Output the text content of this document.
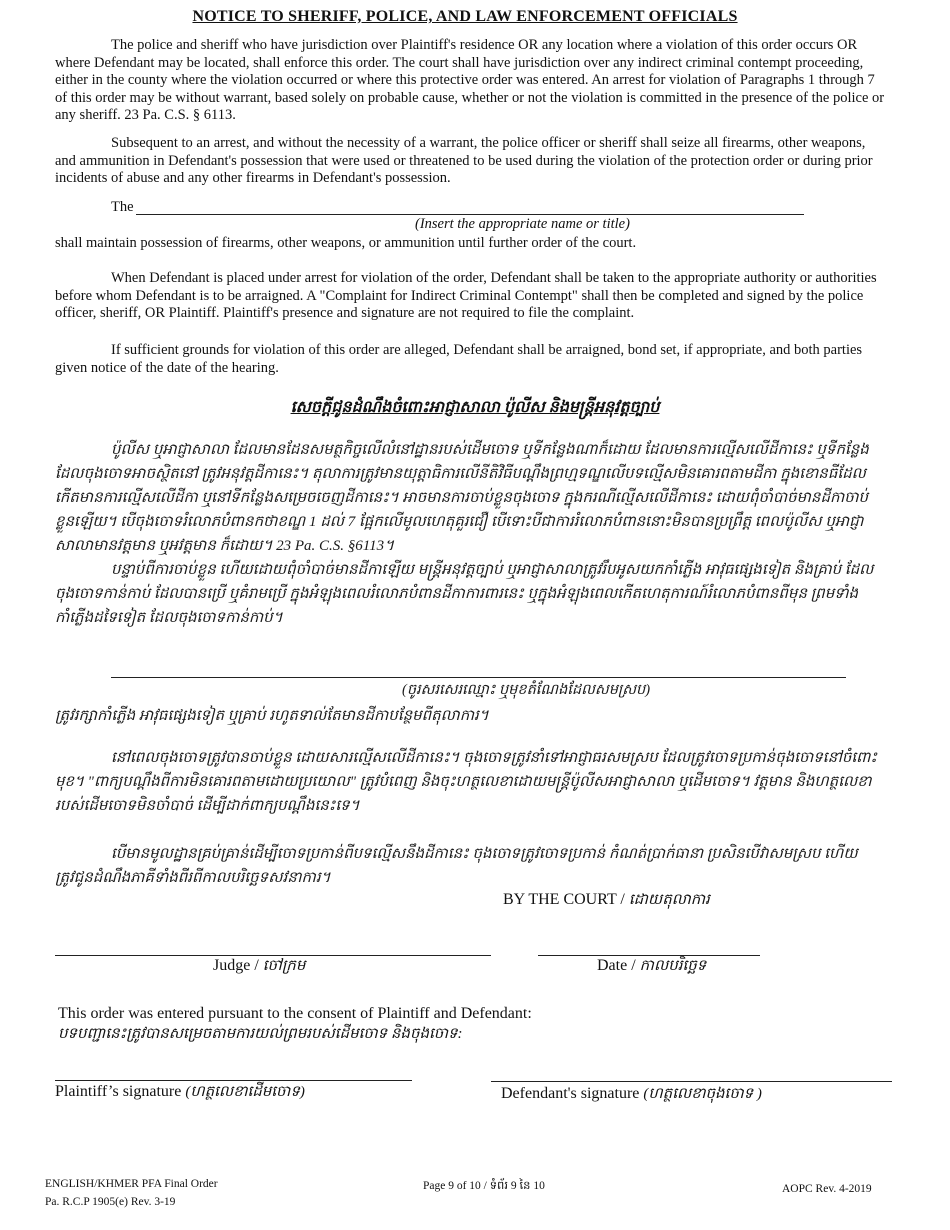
NOTICE TO SHERIFF, POLICE, AND LAW ENFORCEMENT OFFICIALS
The police and sheriff who have jurisdiction over Plaintiff's residence OR any location where a violation of this order occurs OR where Defendant may be located, shall enforce this order. The court shall have jurisdiction over any indirect criminal contempt proceeding, either in the county where the violation occurred or where this protective order was entered. An arrest for violation of Paragraphs 1 through 7 of this order may be without warrant, based solely on probable cause, whether or not the violation is committed in the presence of the police or any sheriff. 23 Pa. C.S. § 6113.
Subsequent to an arrest, and without the necessity of a warrant, the police officer or sheriff shall seize all firearms, other weapons, and ammunition in Defendant's possession that were used or threatened to be used during the violation of the protection order or during prior incidents of abuse and any other firearms in Defendant's possession.
The
(Insert the appropriate name or title)
shall maintain possession of firearms, other weapons, or ammunition until further order of the court.
When Defendant is placed under arrest for violation of the order, Defendant shall be taken to the appropriate authority or authorities before whom Defendant is to be arraigned. A "Complaint for Indirect Criminal Contempt" shall then be completed and signed by the police officer, sheriff, OR Plaintiff. Plaintiff's presence and signature are not required to file the complaint.
If sufficient grounds for violation of this order are alleged, Defendant shall be arraigned, bond set, if appropriate, and both parties given notice of the date of the hearing.
សេចក្តីជូនដំណឹងចំពោះអាជ្ញាសាលា ប៉ូលីស និងមន្ត្រីអនុវត្តច្បាប់
ប៉ូលីស ឬអាជ្ញាសាលា ដែលមានដែនសមត្ថកិច្ចលើលំនៅដ្ឋានរបស់ដើមចោទ ឬទីកន្លែងណាក៏ដោយ ដែលមានការល្មើសលើដីកានេះ ឬទីកន្លែងដែលចុងចោទអាចស្ថិតនៅ ត្រូវអនុវត្តដីកានេះ។ តុលាការត្រូវមានយុត្តាធិការលើនីតិវិធីបណ្តឹងព្រហ្មទណ្ឌលើបទល្មើសមិនគោរពតាមដីកា ក្នុងខោនធីដែលកើតមានការល្មើសលើដីកា ឬនៅទីកន្លែងសម្រេចចេញដីកានេះ។ អាចមានការចាប់ខ្លួនចុងចោទ ក្នុងករណីល្មើសលើដីកានេះ ដោយពុំចាំបាច់មានដីកាចាប់ខ្លួនឡើយ។ បើចុងចោទរំលោភបំពានកថាខណ្ឌ 1 ដល់ 7 ផ្អែកលើមូលហេតុគួរជឿ បើទោះបីជាការរំលោភបំពាននោះមិនបានប្រព្រឹត្ត ពេលប៉ូលីស ឬអាជ្ញាសាលាមានវត្តមាន ឬអវត្តមាន ក៏ដោយ។ 23 Pa. C.S. §6113។
បន្ទាប់ពីការចាប់ខ្លួន ហើយដោយពុំចាំបាច់មានដីកាឡើយ មន្ត្រីអនុវត្តច្បាប់ ឬអាជ្ញាសាលាត្រូវរឹបអូសយកកាំភ្លើង អាវុធផ្សេងទៀត និងគ្រាប់ ដែលចុងចោទកាន់កាប់ ដែលបានប្រើ ឬគំរាមប្រើ ក្នុងអំឡុងពេលរំលោភបំពានដីកាការពារនេះ ឬក្នុងអំឡុងពេលកើតហេតុការណ៍រំលោភបំពានពីមុន ព្រមទាំងកាំភ្លើងដទៃទៀត ដែលចុងចោទកាន់កាប់។
(ចូរសរសេរឈ្មោះ ឬមុខតំណែងដែលសមស្រប)
ត្រូវរក្សាកាំភ្លើង អាវុធផ្សេងទៀត ឬគ្រាប់ រហូតទាល់តែមានដីកាបន្ថែមពីតុលាការ។
នៅពេលចុងចោទត្រូវបានចាប់ខ្លួន ដោយសារល្មើសលើដីកានេះ។ ចុងចោទត្រូវនាំទៅអាជ្ញាធរសមស្រប ដែលត្រូវចោទប្រកាន់ចុងចោទនៅចំពោះមុខ។ "ពាក្យបណ្តឹងពីការមិនគោរពតាមដោយប្រយោល" ត្រូវបំពេញ និងចុះហត្ថលេខាដោយមន្ត្រីប៉ូលីសអាជ្ញាសាលា ឬដើមចោទ។ វត្តមាន និងហត្ថលេខារបស់ដើមចោទមិនចាំបាច់ ដើម្បីដាក់ពាក្យបណ្តឹងនេះទេ។
បើមានមូលដ្ឋានគ្រប់គ្រាន់ដើម្បីចោទប្រកាន់ពីបទល្មើសនឹងដីកានេះ ចុងចោទត្រូវចោទប្រកាន់ កំណត់ប្រាក់ធានា ប្រសិនបើវាសមស្រប ហើយត្រូវជូនដំណឹងភាគីទាំងពីរពីកាលបរិច្ឆេទសវនាការ។
BY THE COURT / ដោយតុលាការ
Judge / ចៅក្រម	Date / កាលបរិច្ឆេទ
This order was entered pursuant to the consent of Plaintiff and Defendant:
បទបញ្ជានេះត្រូវបានសម្រេចតាមការយល់ព្រមរបស់ដើមចោទ និងចុងចោទ:
Plaintiff’s signature (ហត្ថលេខាដើមចោទ)	Defendant's signature (ហត្ថលេខាចុងចោទ )
ENGLISH/KHMER PFA Final Order
Pa. R.C.P 1905(e) Rev. 3-19
Page 9 of 10 / ទំព័រ 9 នៃ 10	AOPC Rev. 4-2019
